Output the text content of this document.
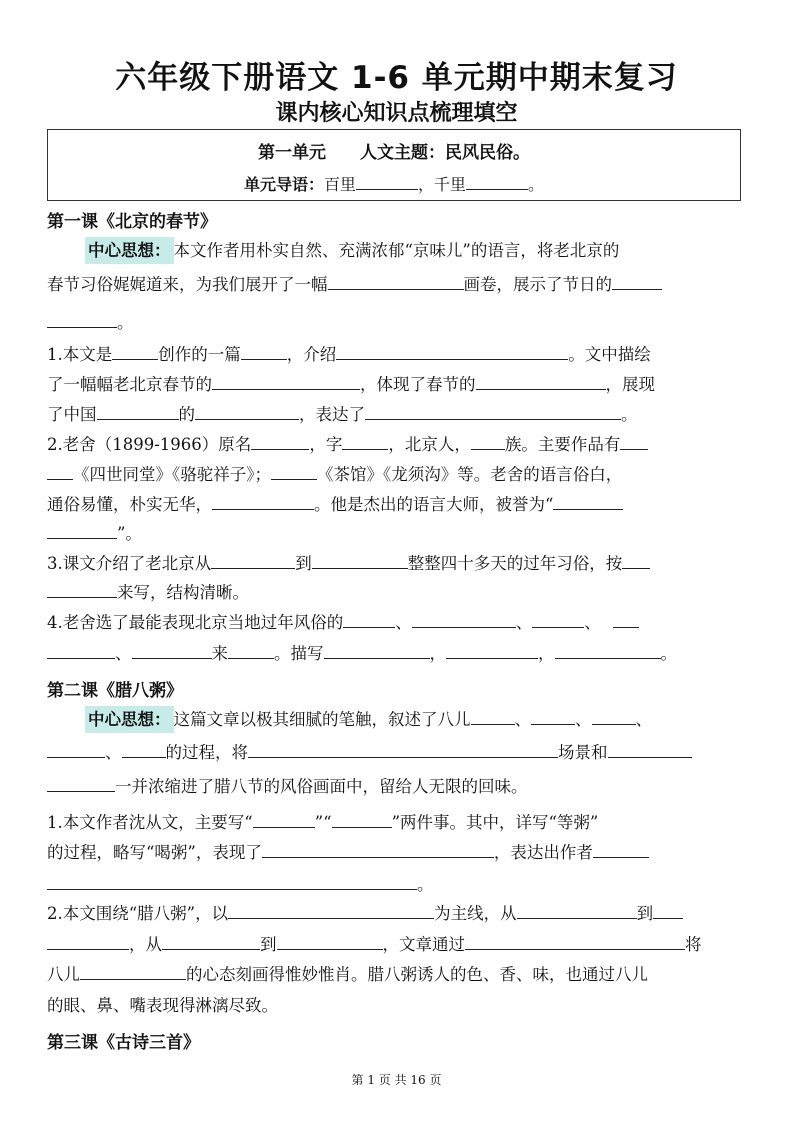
六年级下册语文 1-6 单元期中期末复习
课内核心知识点梳理填空
第一单元　　人文主题：民风民俗。
单元导语：百里	，千里	。
第一课《北京的春节》
中心思想： 本文作者用朴实自然、充满浓郁“京味儿”的语言，将老北京的
春节习俗娓娓道来，为我们展开了一幅	画卷，展示了节日的
。
1.本文是	创作的一篇	，介绍	。文中描绘
了一幅幅老北京春节的	，体现了春节的	，展现
了中国	的	，表达了	。
2.老舍（1899-1966）原名	，字	，北京人， 族。主要作品有
《四世同堂》《骆驼祥子》；	《茶馆》《龙须沟》等。老舍的语言俗白，
通俗易懂，朴实无华，	。他是杰出的语言大师，被誉为“
”。
3.课文介绍了老北京从	到	整整四十多天的过年习俗，按
来写，结构清晰。
4.老舍选了最能表现北京当地过年风俗的	、	、	、
、	来	。描写	，	，	。
第二课《腊八粥》
中心思想： 这篇文章以极其细腻的笔触，叙述了八儿	、	、	、
、	的过程，将	场景和
一并浓缩进了腊八节的风俗画面中，留给人无限的回味。
1.本文作者沈从文，主要写“	”“	”两件事。其中，详写“等粥”
的过程，略写“喝粥”，表现了	，表达出作者
。
2.本文围绕“腊八粥”，以	为主线，从	到
，从	到	，文章通过	将
八儿	的心态刻画得惟妙惟肖。腊八粥诱人的色、香、味，也通过八儿
的眼、鼻、嘴表现得淋漓尽致。
第三课《古诗三首》
第 1 页 共 16 页
